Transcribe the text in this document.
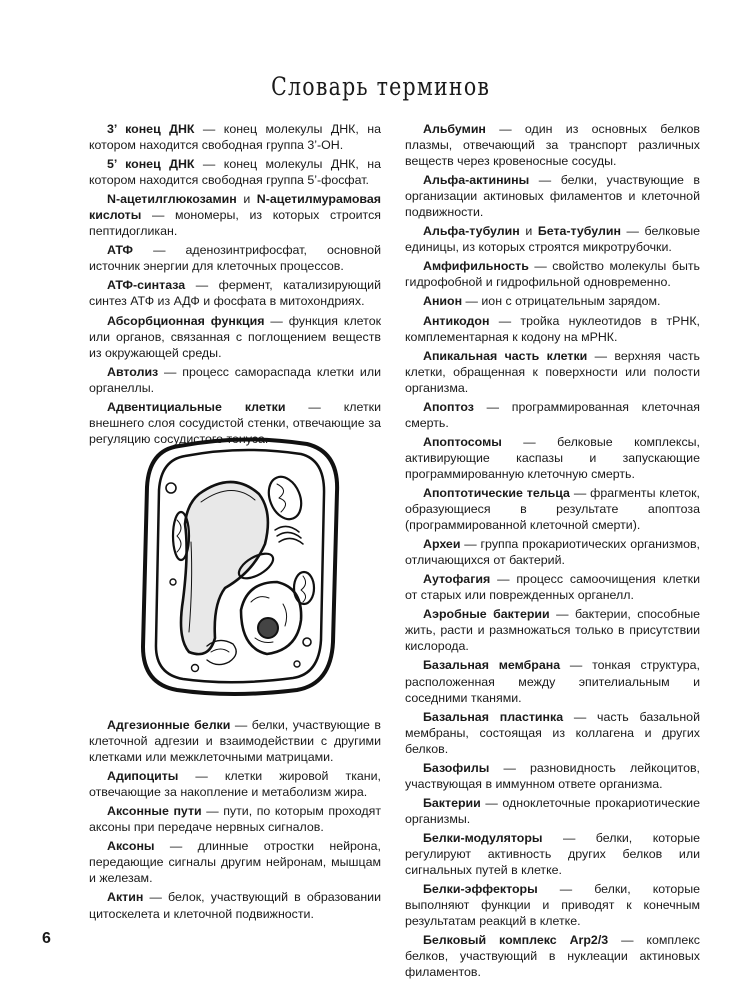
Словарь терминов

3’ конец ДНК — конец молекулы ДНК, на котором находится свободная группа 3’-OH.

5’ конец ДНК — конец молекулы ДНК, на котором находится свободная группа 5’-фосфат.

N-ацетилглюкозамин и N-ацетилмурамовая кислоты — мономеры, из которых строится пептидогликан.

АТФ — аденозинтрифосфат, основной источник энергии для клеточных процессов.

АТФ-синтаза — фермент, катализирующий синтез АТФ из АДФ и фосфата в митохондриях.

Абсорбционная функция — функция клеток или органов, связанная с поглощением веществ из окружающей среды.

Автолиз — процесс самораспада клетки или органеллы.

Адвентициальные клетки — клетки внешнего слоя сосудистой стенки, отвечающие за регуляцию сосудистого тонуса.

Адгезионные белки — белки, участвующие в клеточной адгезии и взаимодействии с другими клетками или межклеточными матрицами.

Адипоциты — клетки жировой ткани, отвечающие за накопление и метаболизм жира.

Аксонные пути — пути, по которым проходят аксоны при передаче нервных сигналов.

Аксоны — длинные отростки нейрона, передающие сигналы другим нейронам, мышцам и железам.

Актин — белок, участвующий в образовании цитоскелета и клеточной подвижности.

Альбумин — один из основных белков плазмы, отвечающий за транспорт различных веществ через кровеносные сосуды.

Альфа-актинины — белки, участвующие в организации актиновых филаментов и клеточной подвижности.

Альфа-тубулин и Бета-тубулин — белковые единицы, из которых строятся микротрубочки.

Амфифильность — свойство молекулы быть гидрофобной и гидрофильной одновременно.

Анион — ион с отрицательным зарядом.

Антикодон — тройка нуклеотидов в тРНК, комплементарная к кодону на мРНК.

Апикальная часть клетки — верхняя часть клетки, обращенная к поверхности или полости организма.

Апоптоз — программированная клеточная смерть.

Апоптосомы — белковые комплексы, активирующие каспазы и запускающие программированную клеточную смерть.

Апоптотические тельца — фрагменты клеток, образующиеся в результате апоптоза (программированной клеточной смерти).

Археи — группа прокариотических организмов, отличающихся от бактерий.

Аутофагия — процесс самоочищения клетки от старых или поврежденных органелл.

Аэробные бактерии — бактерии, способные жить, расти и размножаться только в присутствии кислорода.

Базальная мембрана — тонкая структура, расположенная между эпителиальным и соседними тканями.

Базальная пластинка — часть базальной мембраны, состоящая из коллагена и других белков.

Базофилы — разновидность лейкоцитов, участвующая в иммунном ответе организма.

Бактерии — одноклеточные прокариотические организмы.

Белки-модуляторы — белки, которые регулируют активность других белков или сигнальных путей в клетке.

Белки-эффекторы — белки, которые выполняют функции и приводят к конечным результатам реакций в клетке.

Белковый комплекс Arp2/3 — комплекс белков, участвующий в нуклеации актиновых филаментов.

6
